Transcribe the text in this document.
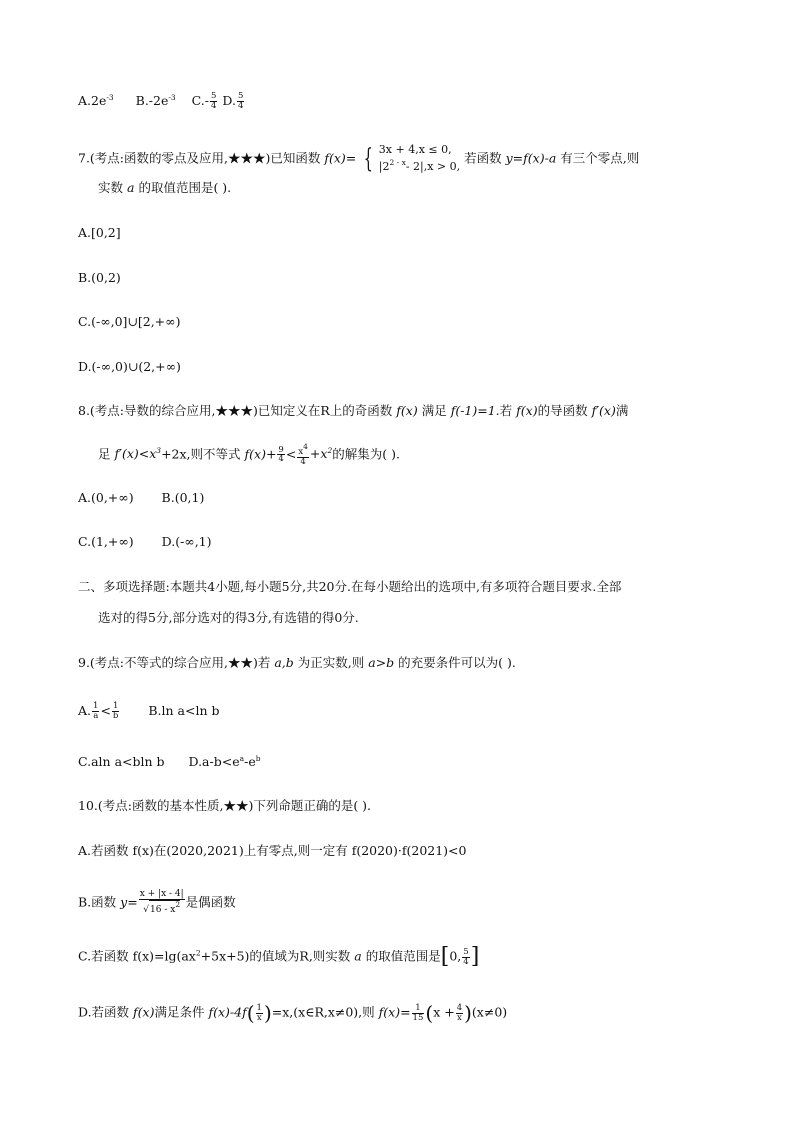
$A.2e^{-3}$ $B.-2e^{-3}$ $C.- \frac{5}{4} D$. $\frac{5}{4}$
7.(考点:函数的零点及应用,★★★)已知函数 f(x)= { 3x + 4,x ≤ 0,
|2$^{2 - x}$- 2|,x > 0,
若函数 y=f(x)-a 有三个零点,则
实数 a 的取值范围是( ).
A.[0,2]
B.(0,2)
C.(-∞,0]∪[2,+∞)
D.(-∞,0)∪(2,+∞)
8.(考点:导数的综合应用,★★★)已知定义在R上的奇函数 f(x) 满足 f(-1)=1.若 f(x)的导函数 f′(x)满
足 $f'(x)<x^3+2x$,则不等式 $f(x)+ \frac{9}{4} < \frac{x^4}{4} +x^2$的解集为( ).
A.(0,+∞) B.(0,1)
C.(1,+∞) D.(-∞,1)
二、多项选择题:本题共4小题,每小题5分,共20分.在每小题给出的选项中,有多项符合题目要求.全部
选对的得5分,部分选对的得3分,有选错的得0分.
9.(考点:不等式的综合应用,★★)若 a,b 为正实数,则 a>b 的充要条件可以为( ).
A. $\frac{1}{a} < \frac{1}{b} B.\ln$ a<ln b
C.aln a<bln b $D.a-b<e^a-e^b$
10.(考点:函数的基本性质,★★)下列命题正确的是( ).
A.若函数 f(x)在(2020,2021)上有零点,则一定有 f(2020)·f(2021)<0
B.函数 $y= \frac{x + |x - 4|}{√16 - x^2}$ 是偶函数
C.若函数 $f(x)=\lg(ax^2+5x+5)$的值域为R,则实数 a 的取值范围是[0, $\frac{5}{4}$ ]
D.若函数 f(x)满足条件 $f(x)-4f( \frac{1}{x}$ )=x,(x∈R,x≠0),则 $f(x)= \frac{1}{15} (x + \frac{4}{x} )(x\ne 0)$
